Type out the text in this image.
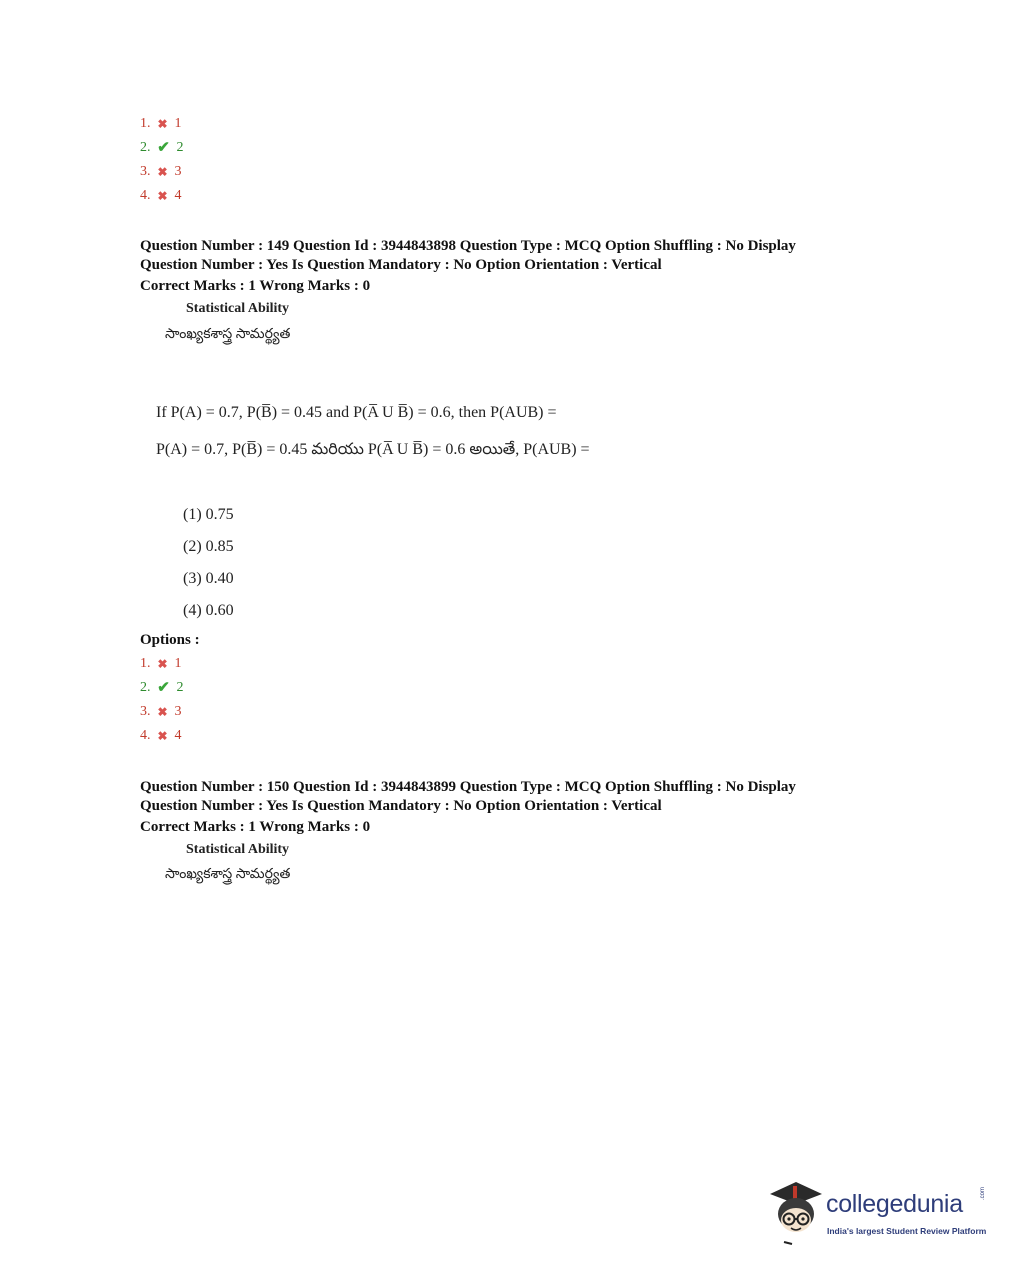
1. ✖ 1
2. ✔ 2
3. ✖ 3
4. ✖ 4
Question Number : 149 Question Id : 3944843898 Question Type : MCQ Option Shuffling : No Display
Question Number : Yes Is Question Mandatory : No Option Orientation : Vertical
Correct Marks : 1 Wrong Marks : 0
Statistical Ability
సాంఖ్యకశాస్త్ర సామర్థ్యత
If P(A) = 0.7, P(B̅) = 0.45 and P(A̅ U B̅) = 0.6, then P(AUB) =
P(A) = 0.7, P(B̅) = 0.45 మరియు P(A̅ U B̅) = 0.6 అయితే, P(AUB) =
(1) 0.75
(2) 0.85
(3) 0.40
(4) 0.60
Options :
1. ✖ 1
2. ✔ 2
3. ✖ 3
4. ✖ 4
Question Number : 150 Question Id : 3944843899 Question Type : MCQ Option Shuffling : No Display
Question Number : Yes Is Question Mandatory : No Option Orientation : Vertical
Correct Marks : 1 Wrong Marks : 0
Statistical Ability
సాంఖ్యకశాస్త్ర సామర్థ్యత
collegedunia	.com
India's largest Student Review Platform
